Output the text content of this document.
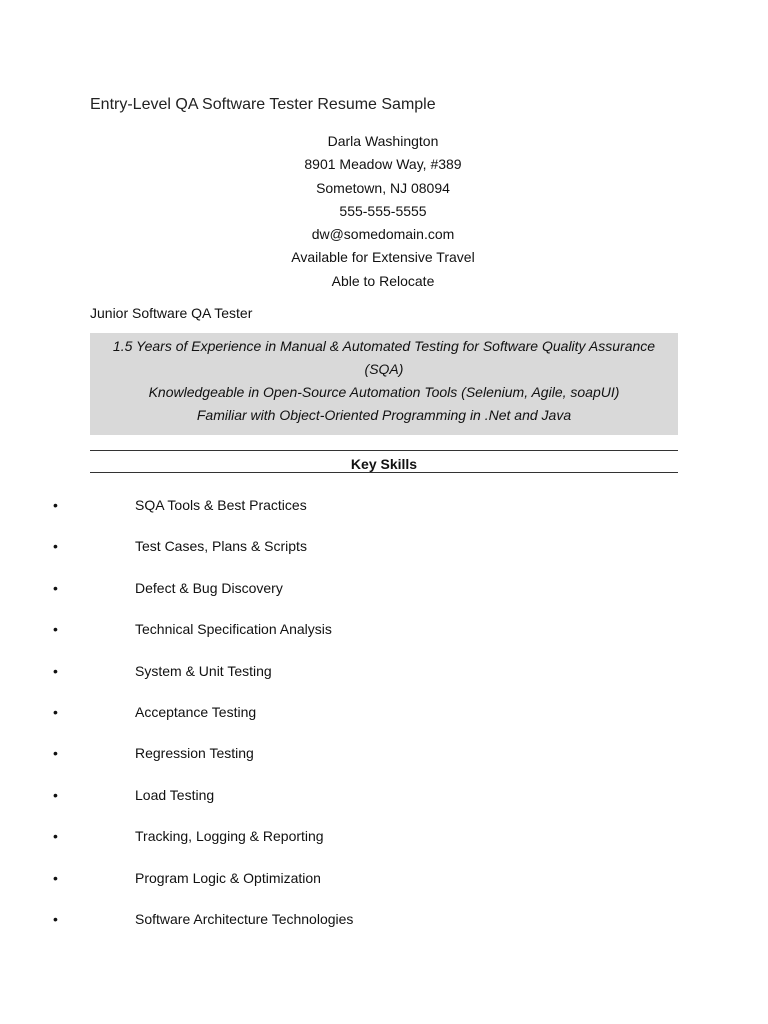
Entry-Level QA Software Tester Resume Sample
Darla Washington
8901 Meadow Way, #389
Sometown, NJ 08094
555-555-5555
dw@somedomain.com
Available for Extensive Travel
Able to Relocate
Junior Software QA Tester
1.5 Years of Experience in Manual & Automated Testing for Software Quality Assurance
(SQA)
Knowledgeable in Open-Source Automation Tools (Selenium, Agile, soapUI)
Familiar with Object-Oriented Programming in .Net and Java
Key Skills
•	SQA Tools & Best Practices
•	Test Cases, Plans & Scripts
•	Defect & Bug Discovery
•	Technical Specification Analysis
•	System & Unit Testing
•	Acceptance Testing
•	Regression Testing
•	Load Testing
•	Tracking, Logging & Reporting
•	Program Logic & Optimization
•	Software Architecture Technologies
